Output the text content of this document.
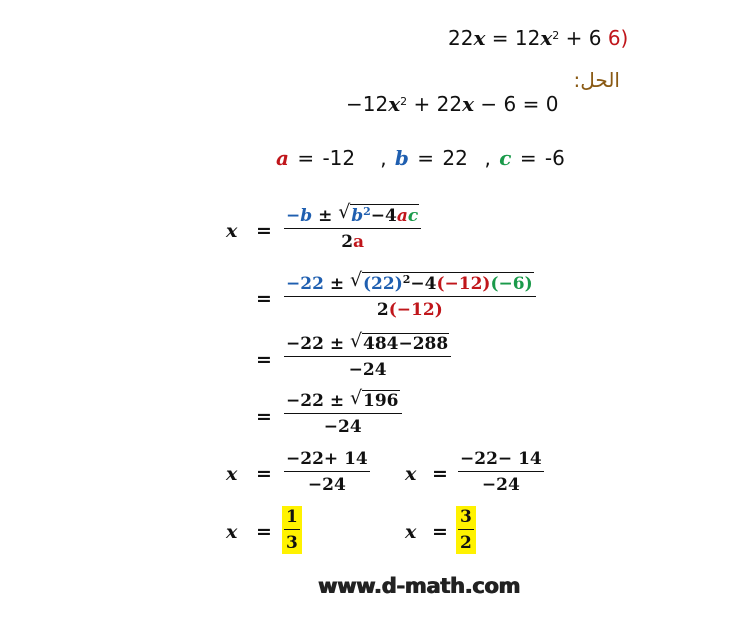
$22x = 12x^2 + 6$ 6)
الحل:
$-12x^2 + 22x - 6 = 0$
a = -12 , b = 22 , c = -6
$x = \frac{-b \pm √ b^2-4ac}{2a}$
= $\frac{-22 \pm √ (22)^2-4(-12)(-6)}{2(-12)}$
= $\frac{-22 \pm √ 484-288}{-24}$
= $\frac{-22 \pm √ 196}{-24}$
$x = \frac{-22+ 14}{-24}$ $x = \frac{-22- 14}{-24}$
$x = \frac{1}{3}$	$x = \frac{3}{2}$
www.d-math.com
